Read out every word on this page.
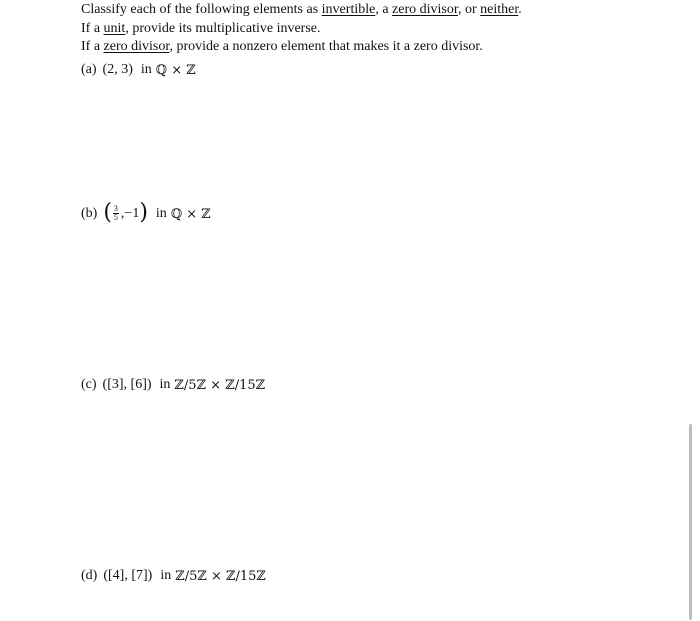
Classify each of the following elements as invertible, a zero divisor, or neither.
If a unit, provide its multiplicative inverse.
If a zero divisor, provide a nonzero element that makes it a zero divisor.
(a) (2, 3) in ℚ × ℤ
(b) ( $\frac{3}{5} ,-1$ ) in ℚ × ℤ
(c) ([3], [6]) in ℤ/5ℤ × ℤ/15ℤ
(d) ([4], [7]) in ℤ/5ℤ × ℤ/15ℤ
